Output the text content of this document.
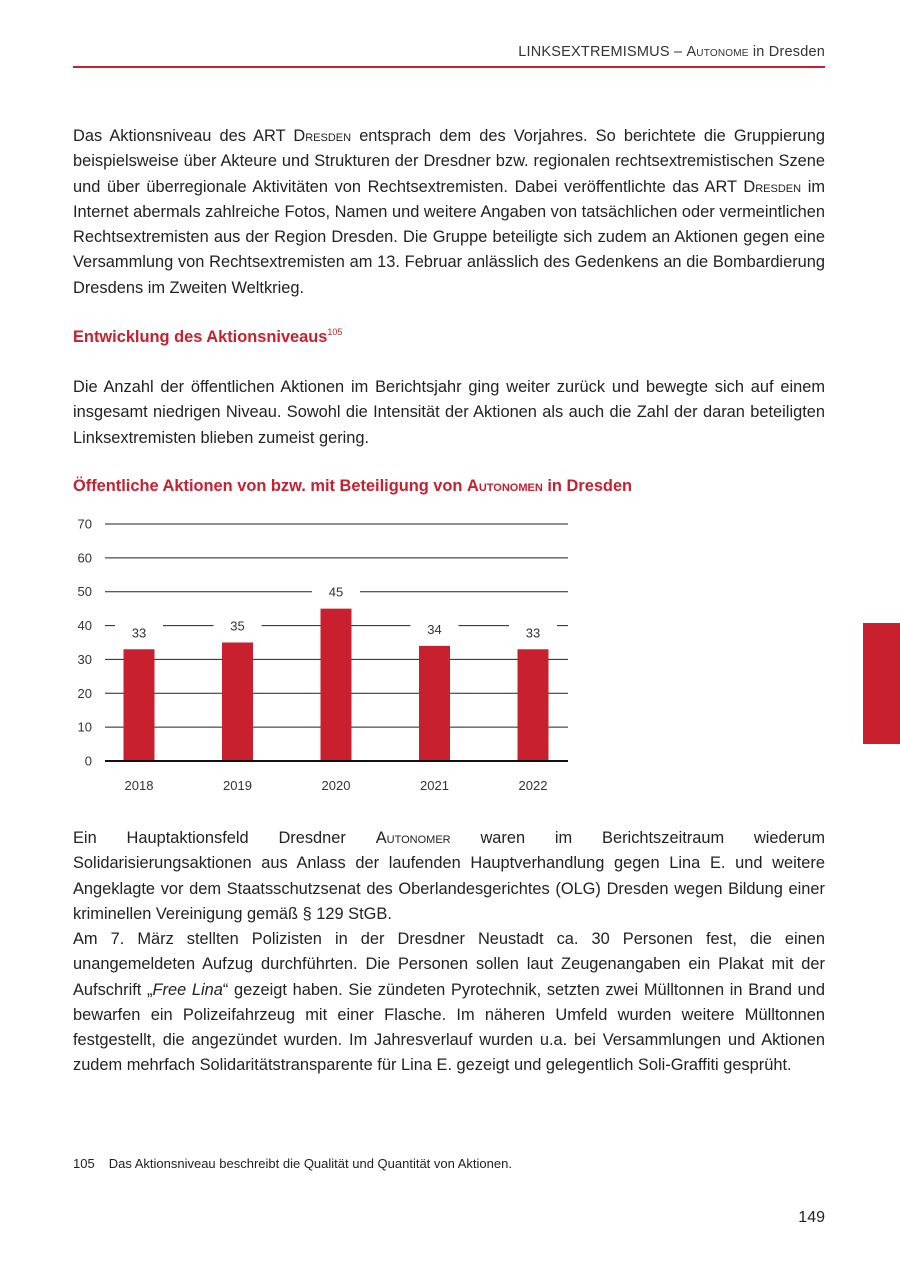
LINKSEXTREMISMUS – Autonome in Dresden

Das Aktionsniveau des ART Dresden entsprach dem des Vorjahres. So berichtete die Gruppierung beispielsweise über Akteure und Strukturen der Dresdner bzw. regionalen rechtsextremistischen Szene und über überregionale Aktivitäten von Rechtsextremisten. Dabei veröffentlichte das ART Dresden im Internet abermals zahlreiche Fotos, Namen und weitere Angaben von tatsächlichen oder vermeintlichen Rechtsextremisten aus der Region Dresden. Die Gruppe beteiligte sich zudem an Aktionen gegen eine Versammlung von Rechtsextremisten am 13. Februar anlässlich des Gedenkens an die Bombardierung Dresdens im Zweiten Weltkrieg.

Entwicklung des Aktionsniveaus$^{105}$

Die Anzahl der öffentlichen Aktionen im Berichtsjahr ging weiter zurück und bewegte sich auf einem insgesamt niedrigen Niveau. Sowohl die Intensität der Aktionen als auch die Zahl der daran beteiligten Linksextremisten blieben zumeist gering.

Öffentliche Aktionen von bzw. mit Beteiligung von Autonomen in Dresden
0
10
20
30
40
50
60
70
33
2018
35
2019
45
2020
34
2021
33
2022

Ein Hauptaktionsfeld Dresdner Autonomer waren im Berichtszeitraum wiederum Solidarisierungsaktionen aus Anlass der laufenden Hauptverhandlung gegen Lina E. und weitere Angeklagte vor dem Staatsschutzsenat des Oberlandesgerichtes (OLG) Dresden wegen Bildung einer kriminellen Vereinigung gemäß § 129 StGB.

Am 7. März stellten Polizisten in der Dresdner Neustadt ca. 30 Personen fest, die einen unangemeldeten Aufzug durchführten. Die Personen sollen laut Zeugenangaben ein Plakat mit der Aufschrift „Free Lina“ gezeigt haben. Sie zündeten Pyrotechnik, setzten zwei Mülltonnen in Brand und bewarfen ein Polizeifahrzeug mit einer Flasche. Im näheren Umfeld wurden weitere Mülltonnen festgestellt, die angezündet wurden. Im Jahresverlauf wurden u.a. bei Versammlungen und Aktionen zudem mehrfach Solidaritätstransparente für Lina E. gezeigt und gelegentlich Soli-Graffiti gesprüht.

105 Das Aktionsniveau beschreibt die Qualität und Quantität von Aktionen.
149
